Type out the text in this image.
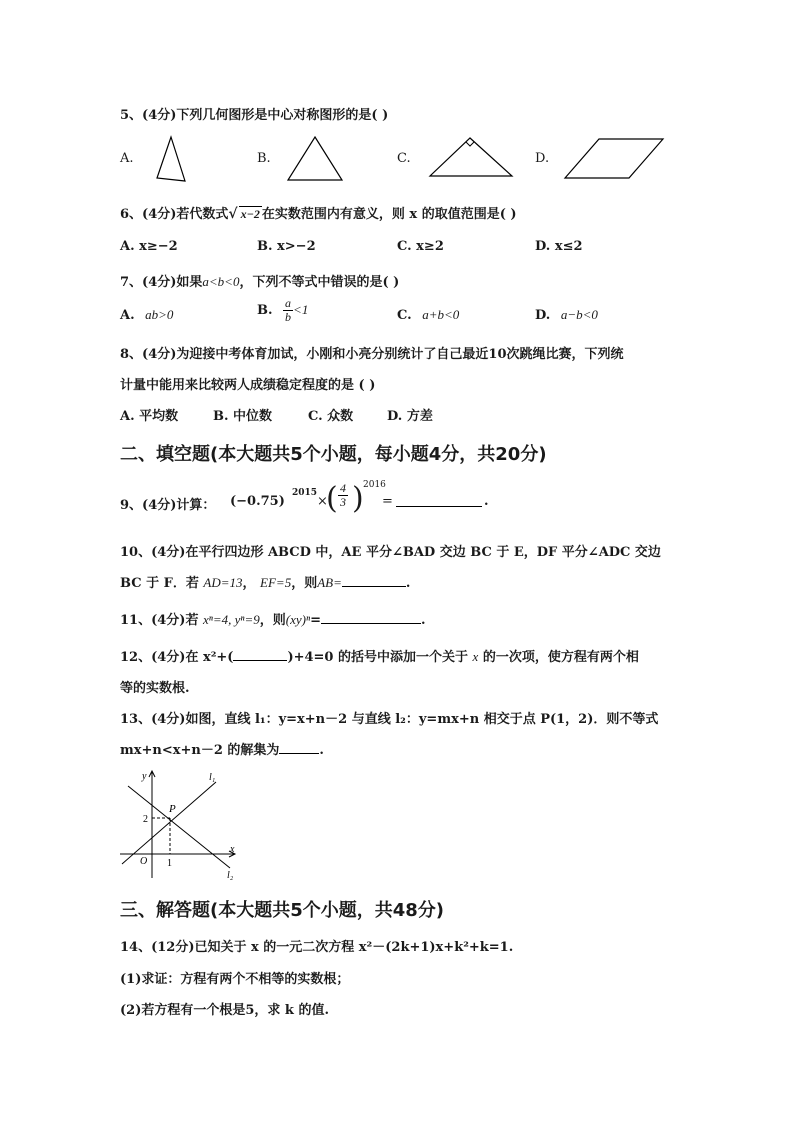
5、(4分)下列几何图形是中心对称图形的是( )
A.	B.	C.	D.
6、(4分)若代数式√ x−2 在实数范围内有意义，则 x 的取值范围是( )
A. x≥−2	B. x>−2	C. x≥2	D. x≤2
7、(4分)如果a<b<0，下列不等式中错误的是( )
A. ab>0	B. $\frac{a}{b} <1$	C. a+b<0	D. a−b<0
8、(4分)为迎接中考体育加试，小刚和小亮分别统计了自己最近10次跳绳比赛，下列统
计量中能用来比较两人成绩稳定程度的是 ( )
A. 平均数	B. 中位数	C. 众数	D. 方差
二、填空题(本大题共5个小题，每小题4分，共20分)
9、(4分)计算： (−0.75)
2015
×
( $\frac{4}{3}$ ) 2016
=	.
10、(4分)在平行四边形 ABCD 中，AE 平分∠BAD 交边 BC 于 E，DF 平分∠ADC 交边
BC 于 F．若 AD=13， EF=5，则AB=	.
11、(4分)若 xⁿ=4, yⁿ=9，则(xy)ⁿ=	.
12、(4分)在 x²+(	)+4=0 的括号中添加一个关于 x 的一次项，使方程有两个相
等的实数根.
13、(4分)如图，直线 l₁：y=x+n－2 与直线 l₂：y=mx+n 相交于点 P(1，2)．则不等式
mx+n<x+n－2 的解集为	.
y
x
O
P
2
1
l₁
l₂
三、解答题(本大题共5个小题，共48分)
14、(12分)已知关于 x 的一元二次方程 x²－(2k+1)x+k²+k=1.
(1)求证：方程有两个不相等的实数根；
(2)若方程有一个根是5，求 k 的值.
